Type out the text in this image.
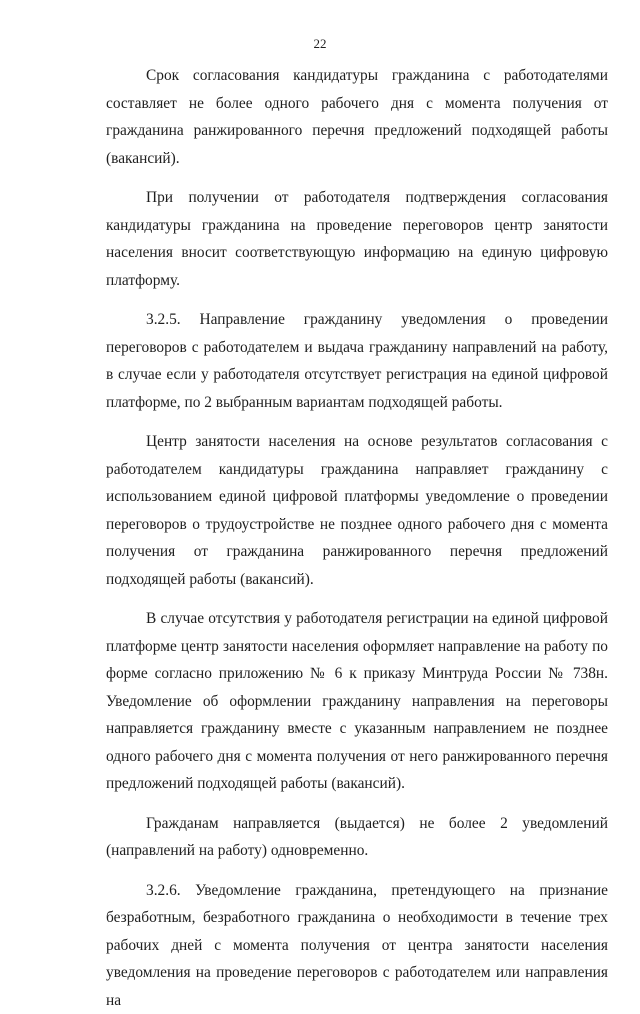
22

Срок согласования кандидатуры гражданина с работодателями составляет не более одного рабочего дня с момента получения от гражданина ранжированного перечня предложений подходящей работы (вакансий).

При получении от работодателя подтверждения согласования кандидатуры гражданина на проведение переговоров центр занятости населения вносит соответствующую информацию на единую цифровую платформу.

3.2.5. Направление гражданину уведомления о проведении переговоров с работодателем и выдача гражданину направлений на работу, в случае если у работодателя отсутствует регистрация на единой цифровой платформе, по 2 выбранным вариантам подходящей работы.

Центр занятости населения на основе результатов согласования с работодателем кандидатуры гражданина направляет гражданину с использованием единой цифровой платформы уведомление о проведении переговоров о трудоустройстве не позднее одного рабочего дня с момента получения от гражданина ранжированного перечня предложений подходящей работы (вакансий).

В случае отсутствия у работодателя регистрации на единой цифровой платформе центр занятости населения оформляет направление на работу по форме согласно приложению № 6 к приказу Минтруда России № 738н. Уведомление об оформлении гражданину направления на переговоры направляется гражданину вместе с указанным направлением не позднее одного рабочего дня с момента получения от него ранжированного перечня предложений подходящей работы (вакансий).

Гражданам направляется (выдается) не более 2 уведомлений (направлений на работу) одновременно.

3.2.6. Уведомление гражданина, претендующего на признание безработным, безработного гражданина о необходимости в течение трех рабочих дней с момента получения от центра занятости населения уведомления на проведение переговоров с работодателем или направления на
